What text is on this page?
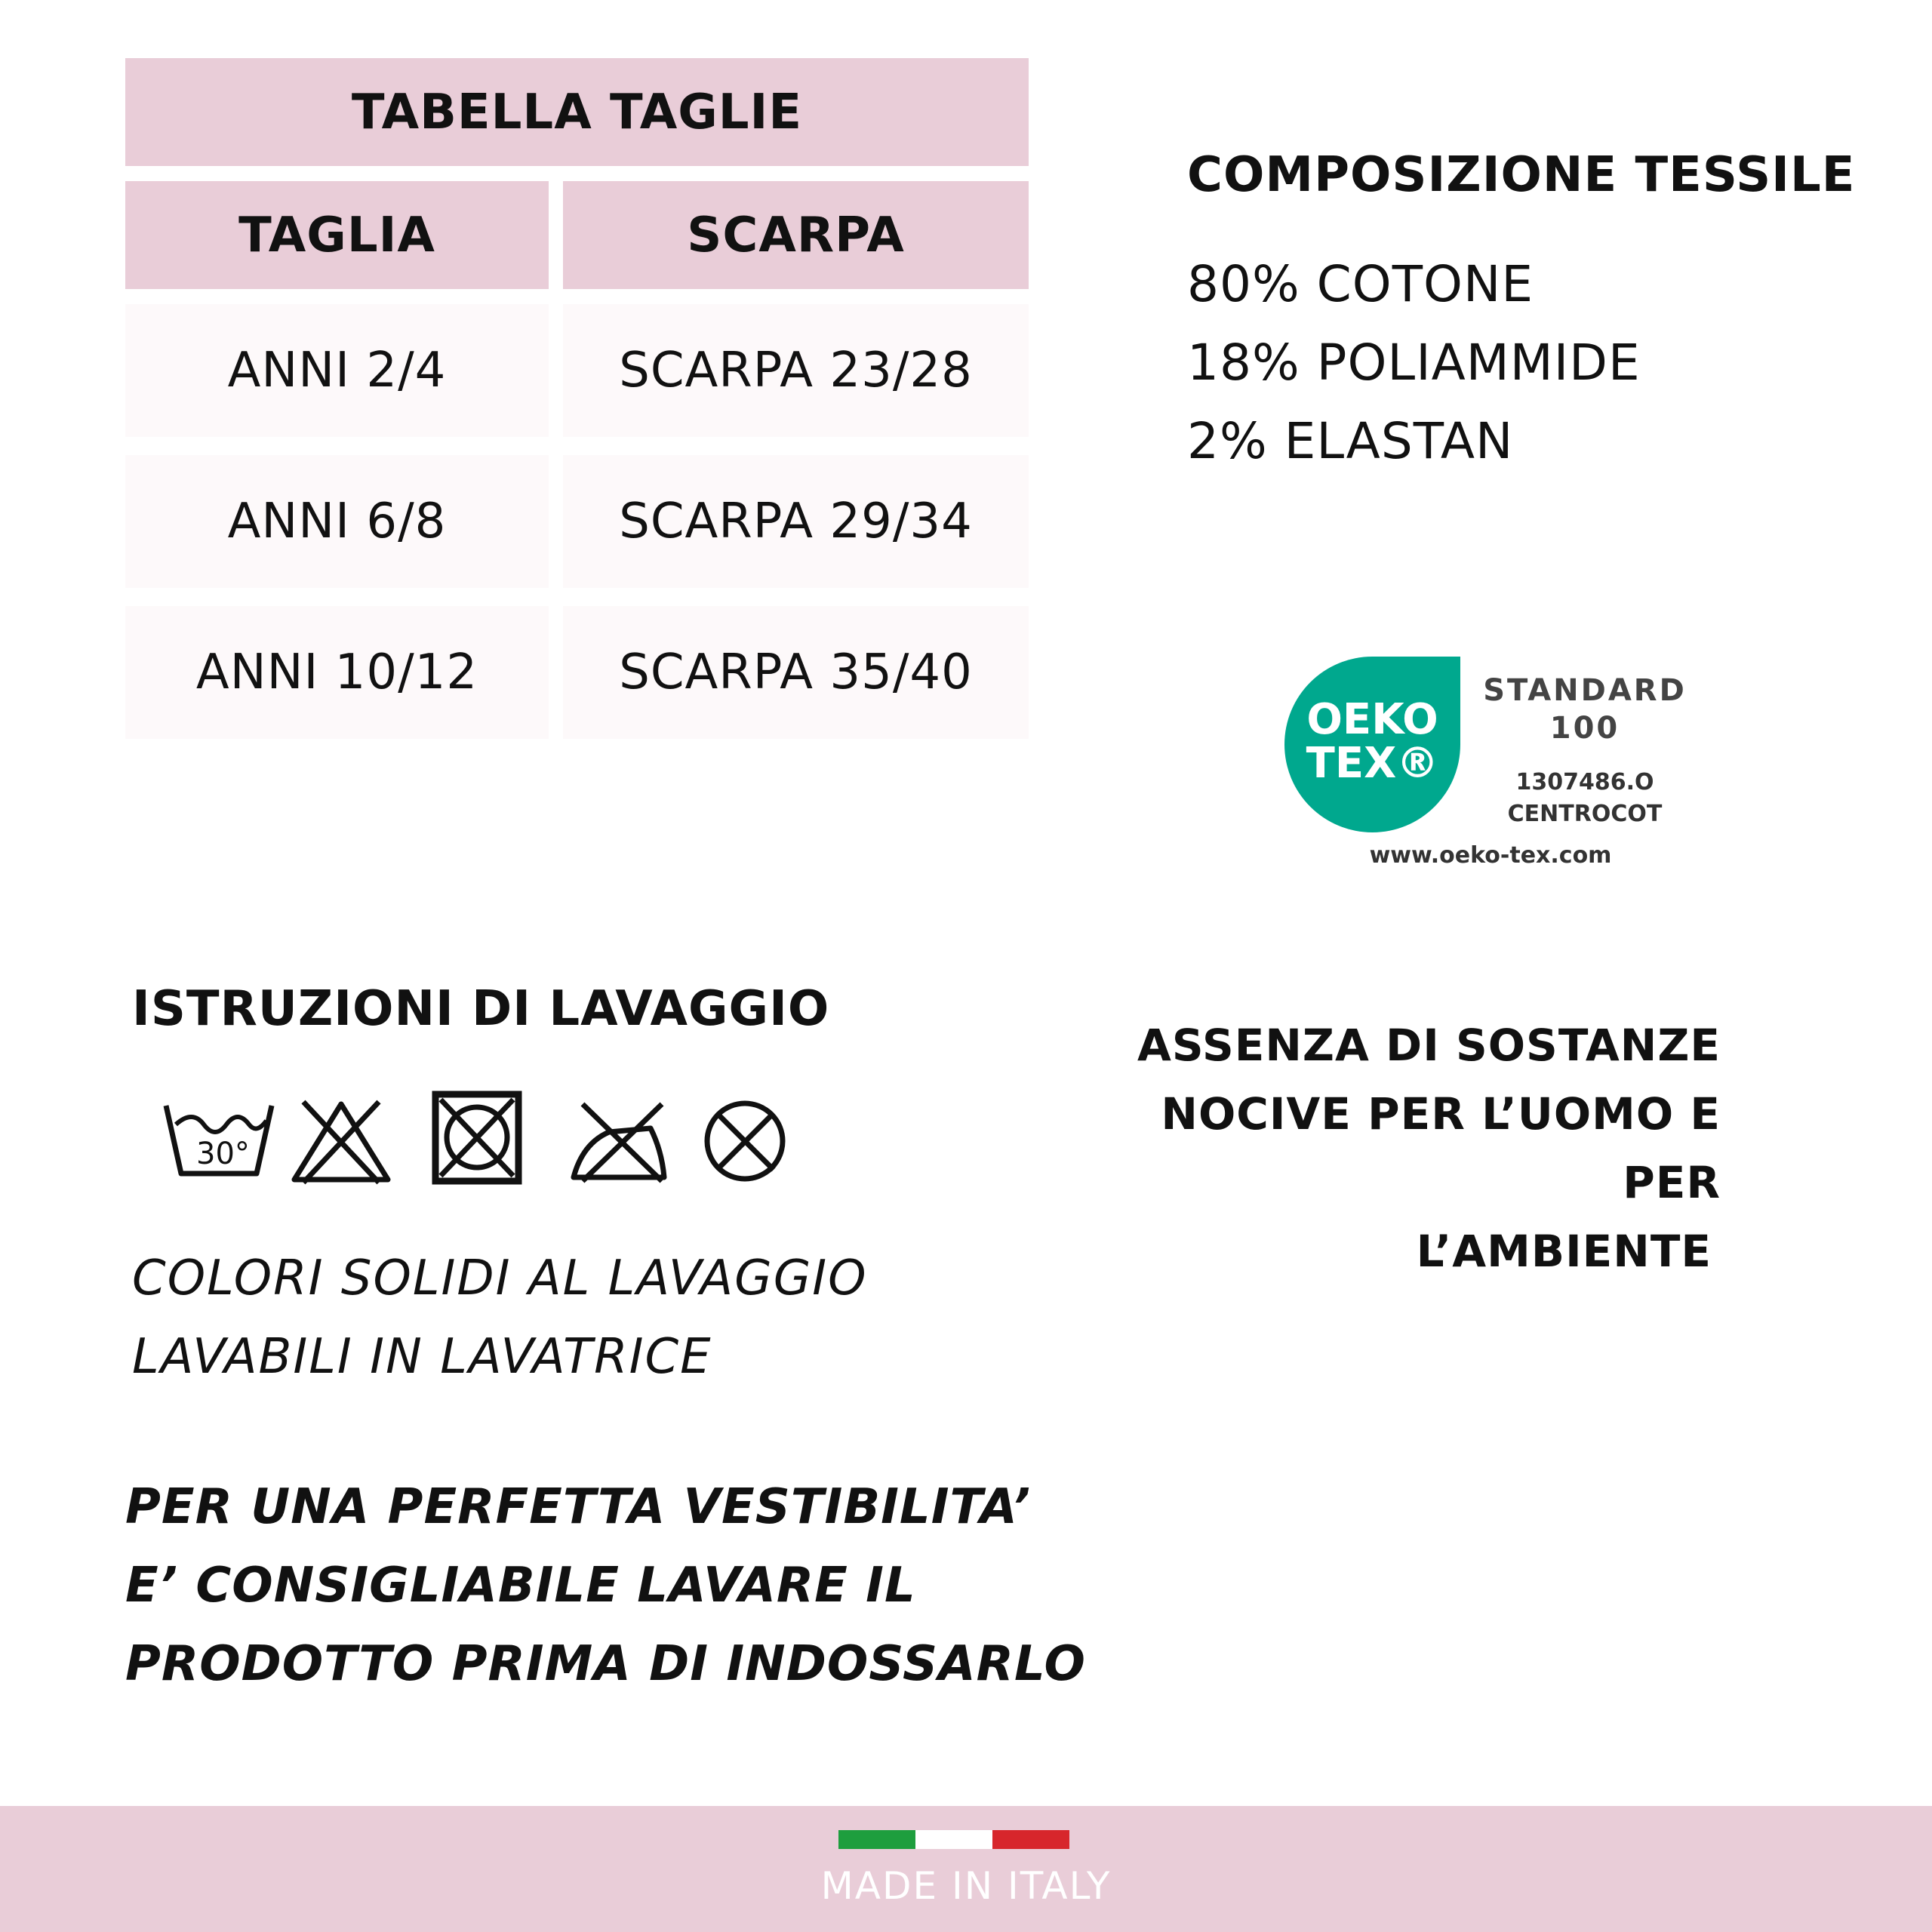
TABELLA TAGLIE
TAGLIA	SCARPA
ANNI 2/4	SCARPA 23/28
ANNI 6/8	SCARPA 29/34
ANNI 10/12	SCARPA 35/40
COMPOSIZIONE TESSILE
80% COTONE
18% POLIAMMIDE
2% ELASTAN
OEKO
TEX®
STANDARD
100
1307486.O
CENTROCOT
www.oeko-tex.com
ISTRUZIONI DI LAVAGGIO
30°
COLORI SOLIDI AL LAVAGGIO
LAVABILI IN LAVATRICE
PER UNA PERFETTA VESTIBILITA’
E’ CONSIGLIABILE LAVARE IL
PRODOTTO PRIMA DI INDOSSARLO
ASSENZA DI SOSTANZE
NOCIVE PER L’UOMO E PER
L’AMBIENTE
MADE IN ITALY
